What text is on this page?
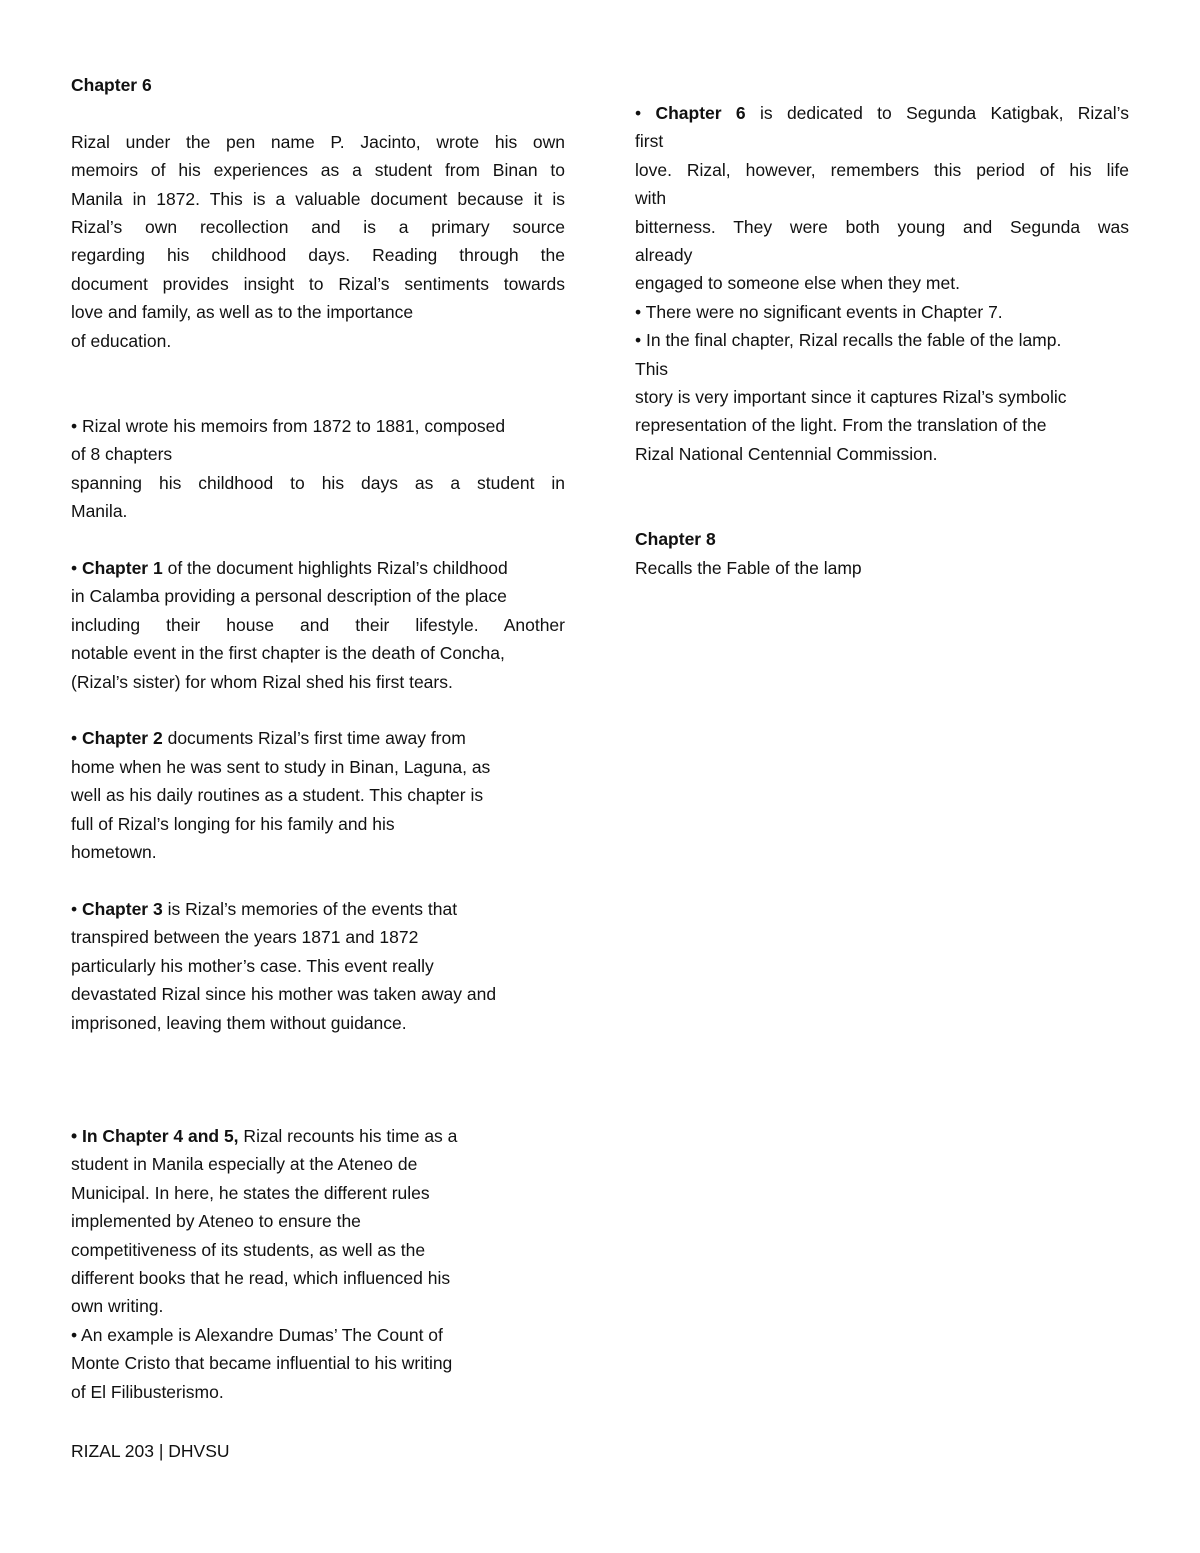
Chapter 6

Rizal under the pen name P. Jacinto, wrote his own
memoirs of his experiences as a student from Binan to
Manila in 1872. This is a valuable document because it is
Rizal’s own recollection and is a primary source
regarding his childhood days. Reading through the
document provides insight to Rizal’s sentiments towards
love and family, as well as to the importance
of education.
• Rizal wrote his memoirs from 1872 to 1881, composed
of 8 chapters
spanning his childhood to his days as a student in
Manila.
• Chapter 1 of the document highlights Rizal’s childhood
in Calamba providing a personal description of the place
including their house and their lifestyle. Another
notable event in the first chapter is the death of Concha,
(Rizal’s sister) for whom Rizal shed his first tears.
• Chapter 2 documents Rizal’s first time away from
home when he was sent to study in Binan, Laguna, as
well as his daily routines as a student. This chapter is
full of Rizal’s longing for his family and his
hometown.
• Chapter 3 is Rizal’s memories of the events that
transpired between the years 1871 and 1872
particularly his mother’s case. This event really
devastated Rizal since his mother was taken away and
imprisoned, leaving them without guidance.
• In Chapter 4 and 5, Rizal recounts his time as a
student in Manila especially at the Ateneo de
Municipal. In here, he states the different rules
implemented by Ateneo to ensure the
competitiveness of its students, as well as the
different books that he read, which influenced his
own writing.
• An example is Alexandre Dumas’ The Count of
Monte Cristo that became influential to his writing
of El Filibusterismo.
• Chapter 6 is dedicated to Segunda Katigbak, Rizal’s
first
love. Rizal, however, remembers this period of his life
with
bitterness. They were both young and Segunda was
already
engaged to someone else when they met.
• There were no significant events in Chapter 7.
• In the final chapter, Rizal recalls the fable of the lamp.
This
story is very important since it captures Rizal’s symbolic
representation of the light. From the translation of the
Rizal National Centennial Commission.
Chapter 8
Recalls the Fable of the lamp
RIZAL 203 | DHVSU
